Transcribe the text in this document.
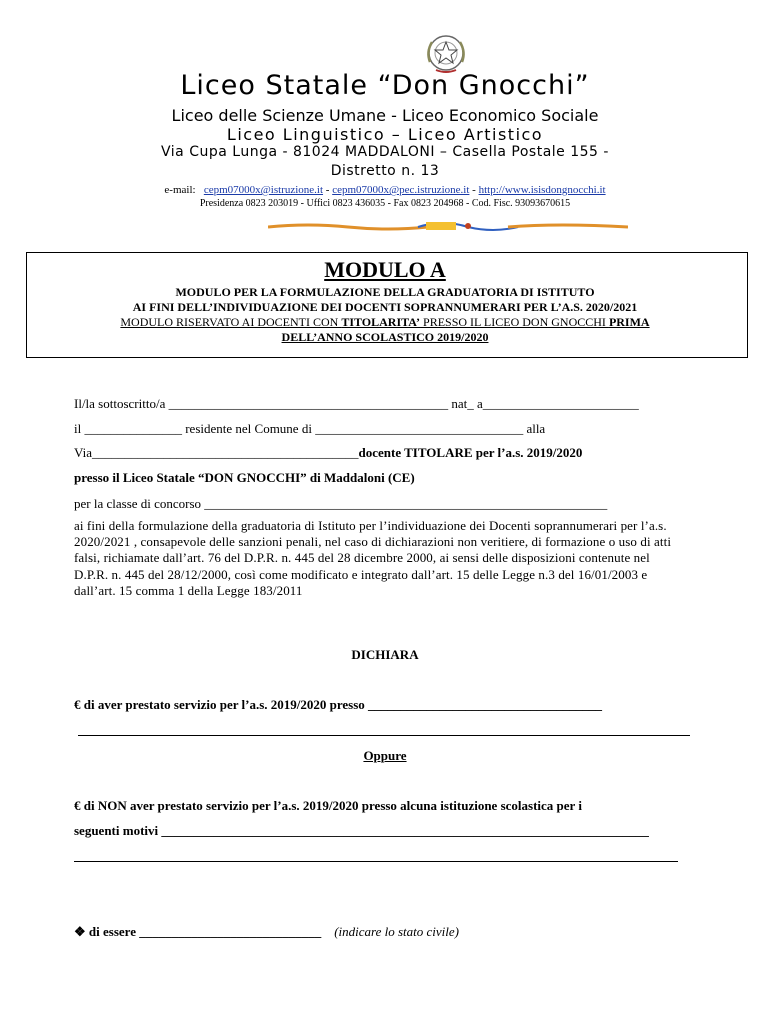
Liceo Statale “Don Gnocchi”
Liceo delle Scienze Umane - Liceo Economico Sociale
Liceo Linguistico – Liceo Artistico
Via Cupa Lunga - 81024 MADDALONI – Casella Postale 155 -
Distretto n. 13
e-mail: cepm07000x@istruzione.it - cepm07000x@pec.istruzione.it - http://www.isisdongnocchi.it
Presidenza 0823 203019 - Uffici 0823 436035 - Fax 0823 204968 - Cod. Fisc. 93093670615
MODULO A
MODULO PER LA FORMULAZIONE DELLA GRADUATORIA DI ISTITUTO
AI FINI DELL’INDIVIDUAZIONE DEI DOCENTI SOPRANNUMERARI PER L’A.S. 2020/2021
MODULO RISERVATO AI DOCENTI CON TITOLARITA’ PRESSO IL LICEO DON GNOCCHI PRIMA
DELL’ANNO SCOLASTICO 2019/2020
Il/la sottoscritto/a ___________________________________________ nat_ a________________________
il _______________ residente nel Comune di ________________________________ alla
Via_________________________________________docente TITOLARE per l’a.s. 2019/2020
presso il Liceo Statale “DON GNOCCHI” di Maddaloni (CE)
per la classe di concorso ______________________________________________________________
ai fini della formulazione della graduatoria di Istituto per l’individuazione dei Docenti soprannumerari per l’a.s. 2020/2021 , consapevole delle sanzioni penali, nel caso di dichiarazioni non veritiere, di formazione o uso di atti falsi, richiamate dall’art. 76 del D.P.R. n. 445 del 28 dicembre 2000, ai sensi delle disposizioni contenute nel D.P.R. n. 445 del 28/12/2000, così come modificato e integrato dall’art. 15 delle Legge n.3 del 16/01/2003 e dall’art. 15 comma 1 della Legge 183/2011
DICHIARA
€ di aver prestato servizio per l’a.s. 2019/2020 presso ____________________________________
Oppure
€ di NON aver prestato servizio per l’a.s. 2019/2020 presso alcuna istituzione scolastica per i
seguenti motivi ___________________________________________________________________________
❖ di essere ____________________________ (indicare lo stato civile)
